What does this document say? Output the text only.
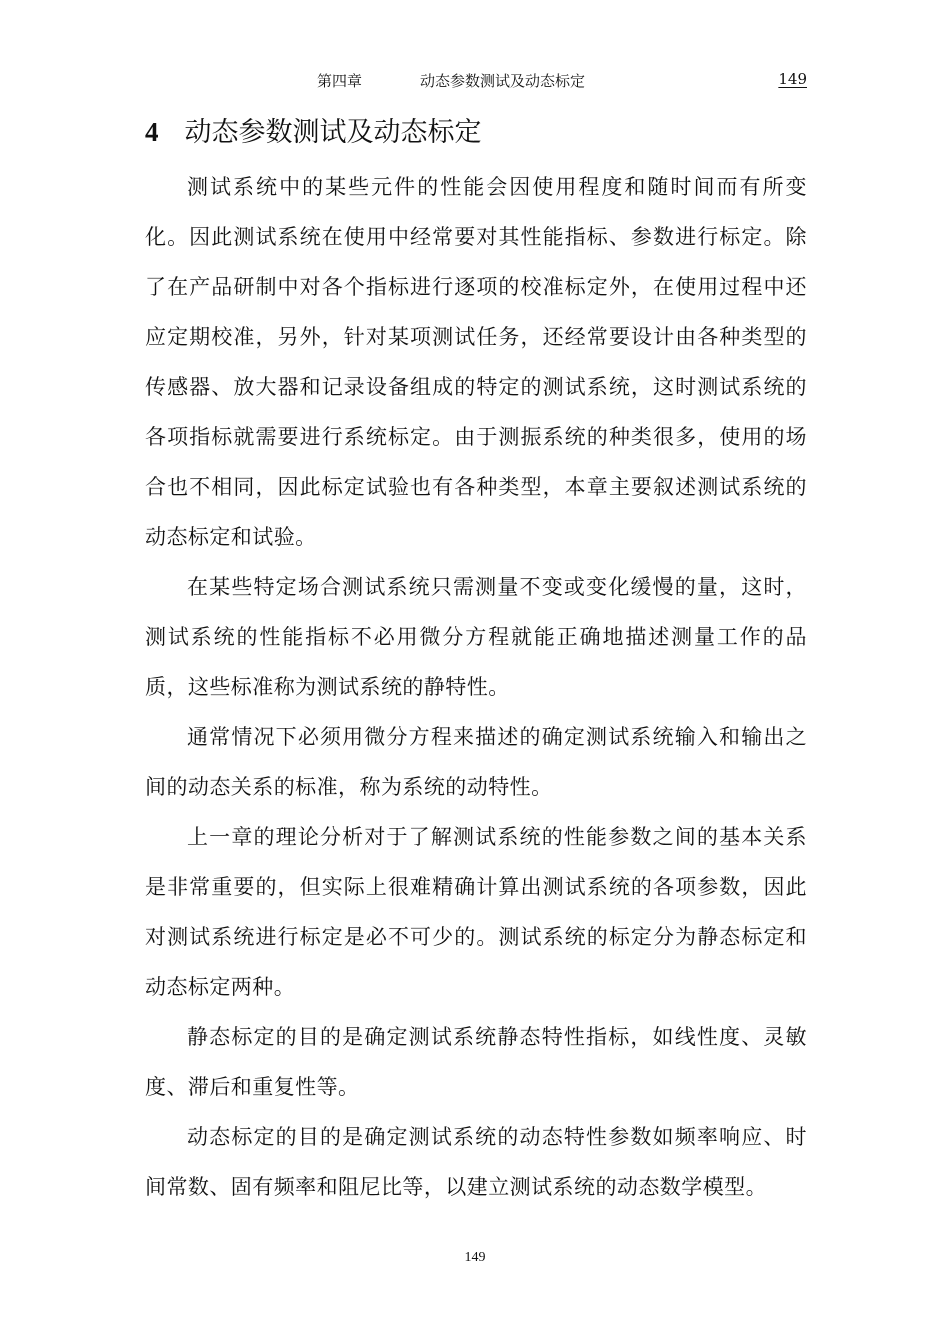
第四章	动态参数测试及动态标定	149
4 动态参数测试及动态标定

测试系统中的某些元件的性能会因使用程度和随时间而有所变化。因此测试系统在使用中经常要对其性能指标、参数进行标定。除了在产品研制中对各个指标进行逐项的校准标定外，在使用过程中还应定期校准，另外，针对某项测试任务，还经常要设计由各种类型的传感器、放大器和记录设备组成的特定的测试系统，这时测试系统的各项指标就需要进行系统标定。由于测振系统的种类很多，使用的场合也不相同，因此标定试验也有各种类型，本章主要叙述测试系统的动态标定和试验。

在某些特定场合测试系统只需测量不变或变化缓慢的量，这时，测试系统的性能指标不必用微分方程就能正确地描述测量工作的品质，这些标准称为测试系统的静特性。

通常情况下必须用微分方程来描述的确定测试系统输入和输出之间的动态关系的标准，称为系统的动特性。

上一章的理论分析对于了解测试系统的性能参数之间的基本关系是非常重要的，但实际上很难精确计算出测试系统的各项参数，因此对测试系统进行标定是必不可少的。测试系统的标定分为静态标定和动态标定两种。

静态标定的目的是确定测试系统静态特性指标，如线性度、灵敏度、滞后和重复性等。

动态标定的目的是确定测试系统的动态特性参数如频率响应、时间常数、固有频率和阻尼比等，以建立测试系统的动态数学模型。

149
